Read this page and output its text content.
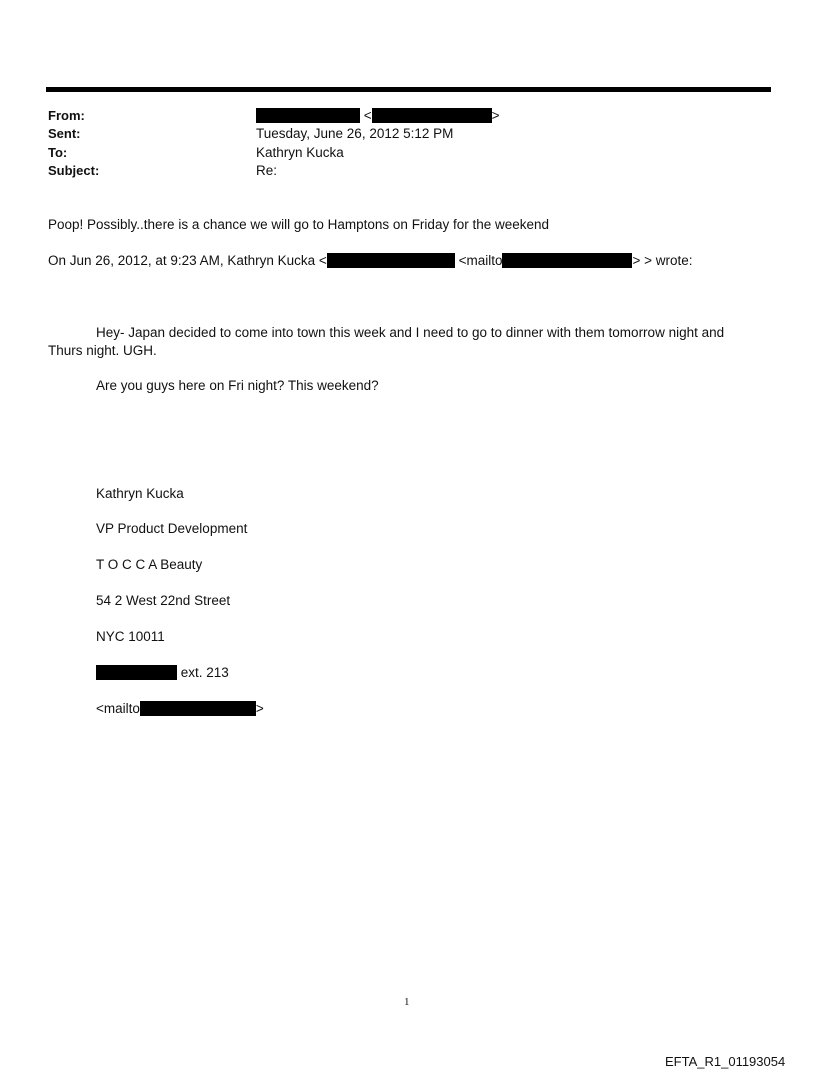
From:	<	>
Sent:	Tuesday, June 26, 2012 5:12 PM
To:	Kathryn Kucka
Subject:	Re:
Poop! Possibly..there is a chance we will go to Hamptons on Friday for the weekend
On Jun 26, 2012, at 9:23 AM, Kathryn Kucka <	<mailto	> > wrote:
Hey- Japan decided to come into town this week and I need to go to dinner with them tomorrow night and
Thurs night. UGH.
Are you guys here on Fri night? This weekend?
Kathryn Kucka
VP Product Development
T O C C A Beauty
54 2 West 22nd Street
NYC 10011
ext. 213
<mailto	>
1
EFTA_R1_01193054
